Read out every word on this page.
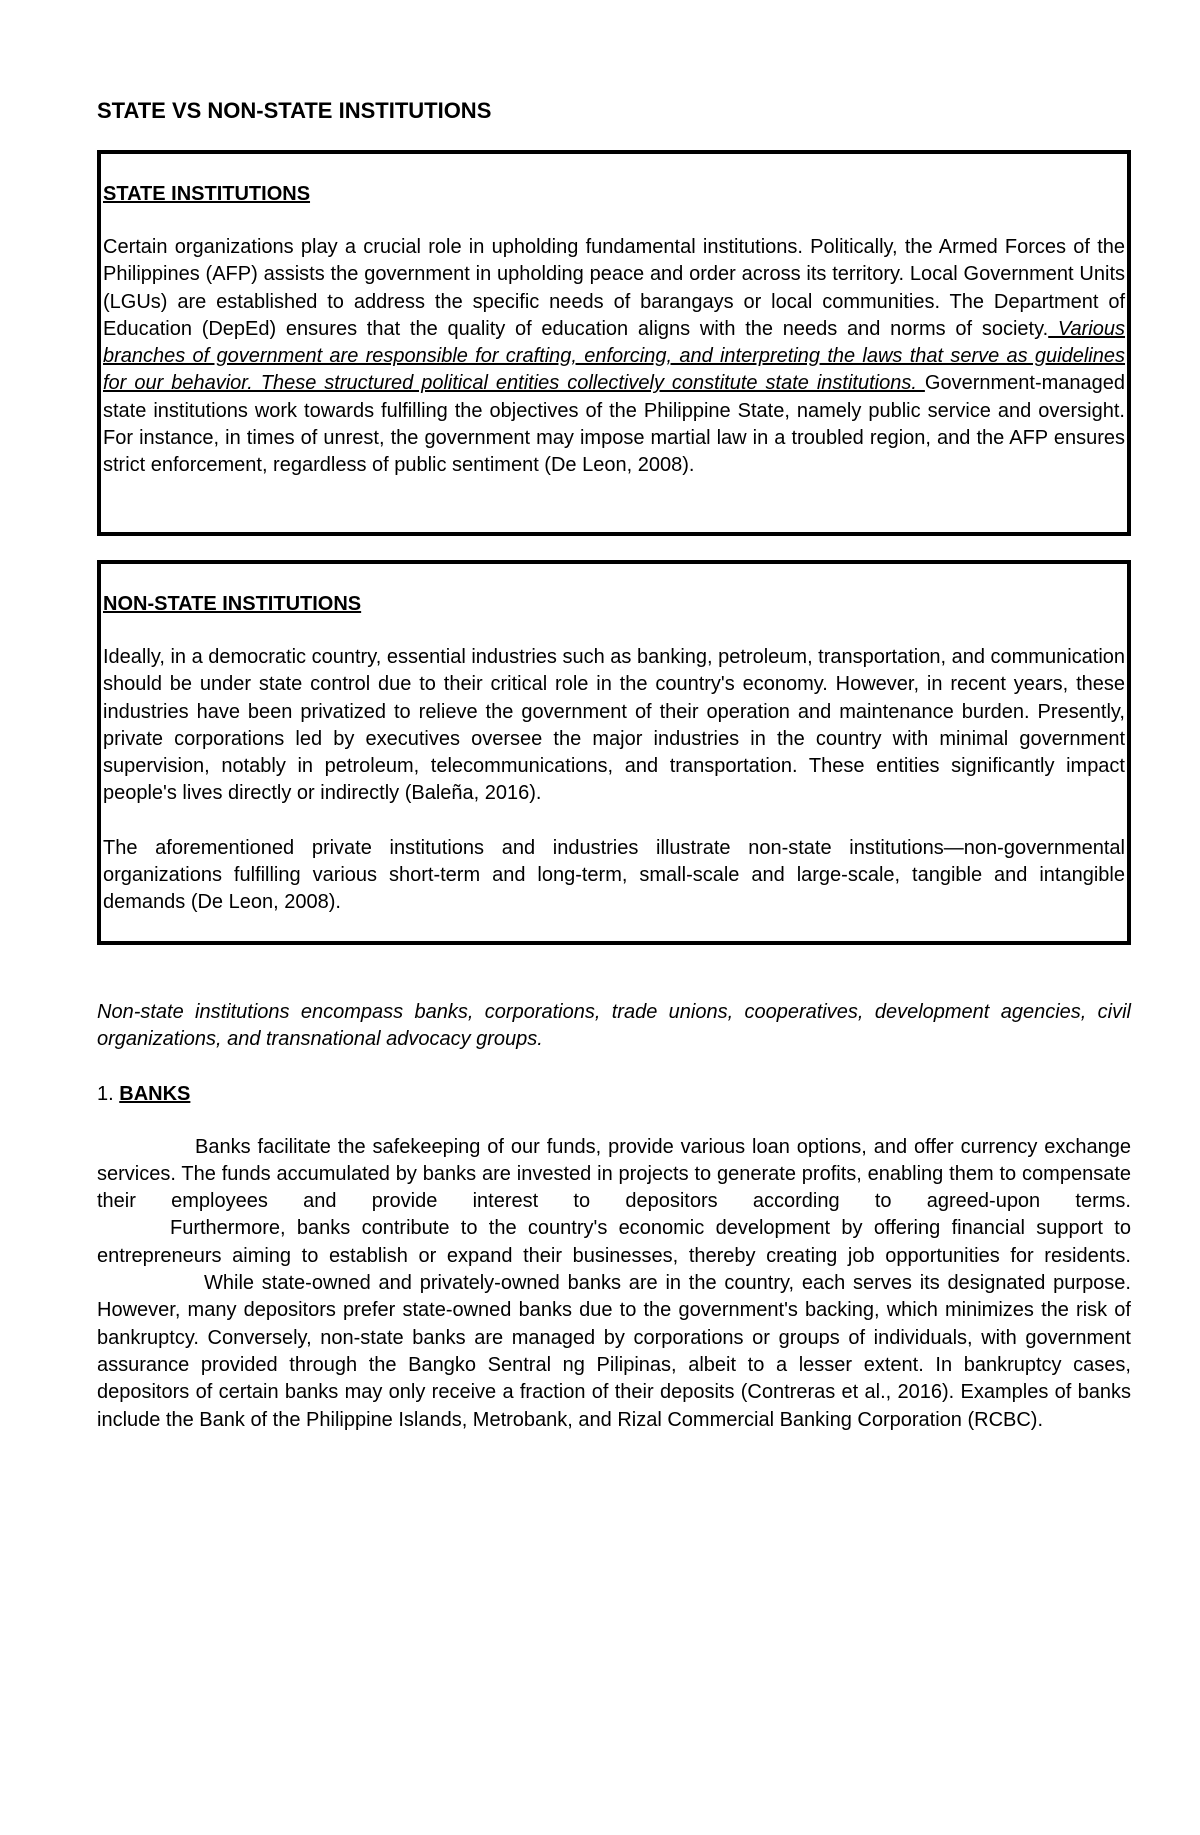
STATE VS NON-STATE INSTITUTIONS
STATE INSTITUTIONS

Certain organizations play a crucial role in upholding fundamental institutions. Politically, the Armed Forces of the Philippines (AFP) assists the government in upholding peace and order across its territory. Local Government Units (LGUs) are established to address the specific needs of barangays or local communities. The Department of Education (DepEd) ensures that the quality of education aligns with the needs and norms of society. Various branches of government are responsible for crafting, enforcing, and interpreting the laws that serve as guidelines for our behavior. These structured political entities collectively constitute state institutions. Government-managed state institutions work towards fulfilling the objectives of the Philippine State, namely public service and oversight. For instance, in times of unrest, the government may impose martial law in a troubled region, and the AFP ensures strict enforcement, regardless of public sentiment (De Leon, 2008).

NON-STATE INSTITUTIONS

Ideally, in a democratic country, essential industries such as banking, petroleum, transportation, and communication should be under state control due to their critical role in the country's economy. However, in recent years, these industries have been privatized to relieve the government of their operation and maintenance burden. Presently, private corporations led by executives oversee the major industries in the country with minimal government supervision, notably in petroleum, telecommunications, and transportation. These entities significantly impact people's lives directly or indirectly (Baleña, 2016).

The aforementioned private institutions and industries illustrate non-state institutions—non-governmental organizations fulfilling various short-term and long-term, small-scale and large-scale, tangible and intangible demands (De Leon, 2008).

Non-state institutions encompass banks, corporations, trade unions, cooperatives, development agencies, civil organizations, and transnational advocacy groups.

1. BANKS

Banks facilitate the safekeeping of our funds, provide various loan options, and offer currency exchange services. The funds accumulated by banks are invested in projects to generate profits, enabling them to compensate their employees and provide interest to depositors according to agreed-upon terms.

Furthermore, banks contribute to the country's economic development by offering financial support to entrepreneurs aiming to establish or expand their businesses, thereby creating job opportunities for residents.

While state-owned and privately-owned banks are in the country, each serves its designated purpose. However, many depositors prefer state-owned banks due to the government's backing, which minimizes the risk of bankruptcy. Conversely, non-state banks are managed by corporations or groups of individuals, with government assurance provided through the Bangko Sentral ng Pilipinas, albeit to a lesser extent. In bankruptcy cases, depositors of certain banks may only receive a fraction of their deposits (Contreras et al., 2016). Examples of banks include the Bank of the Philippine Islands, Metrobank, and Rizal Commercial Banking Corporation (RCBC).
